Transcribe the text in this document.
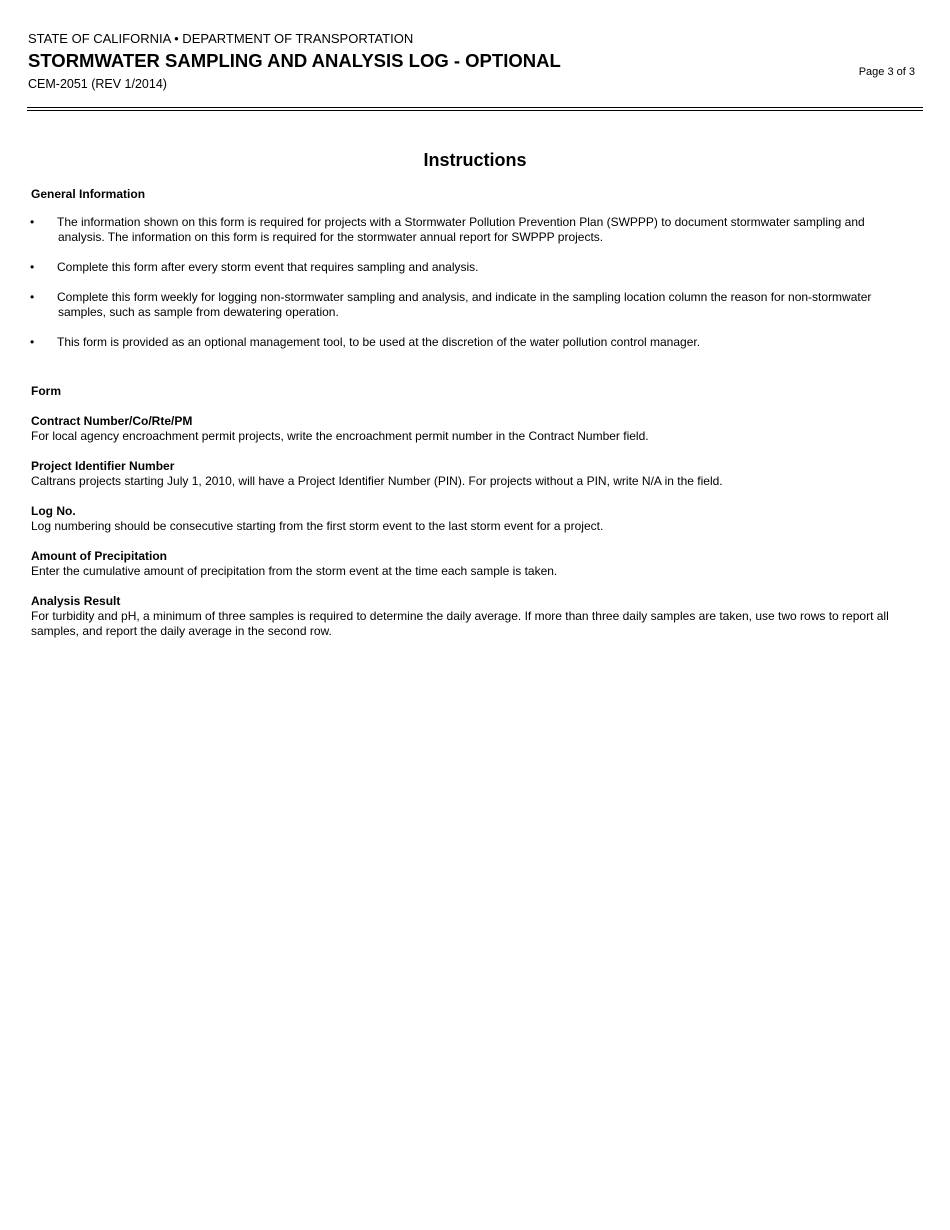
STATE OF CALIFORNIA • DEPARTMENT OF TRANSPORTATION

STORMWATER SAMPLING AND ANALYSIS LOG - OPTIONAL

CEM-2051 (REV 1/2014)

Page 3 of 3
Instructions

General Information

• The information shown on this form is required for projects with a Stormwater Pollution Prevention Plan (SWPPP) to document stormwater sampling and analysis. The information on this form is required for the stormwater annual report for SWPPP projects.
• Complete this form after every storm event that requires sampling and analysis.
• Complete this form weekly for logging non-stormwater sampling and analysis, and indicate in the sampling location column the reason for non-stormwater samples, such as sample from dewatering operation.
• This form is provided as an optional management tool, to be used at the discretion of the water pollution control manager.

Form

Contract Number/Co/Rte/PM
For local agency encroachment permit projects, write the encroachment permit number in the Contract Number field.
Project Identifier Number
Caltrans projects starting July 1, 2010, will have a Project Identifier Number (PIN). For projects without a PIN, write N/A in the field.
Log No.
Log numbering should be consecutive starting from the first storm event to the last storm event for a project.
Amount of Precipitation
Enter the cumulative amount of precipitation from the storm event at the time each sample is taken.
Analysis Result
For turbidity and pH, a minimum of three samples is required to determine the daily average. If more than three daily samples are taken, use two rows to report all samples, and report the daily average in the second row.
